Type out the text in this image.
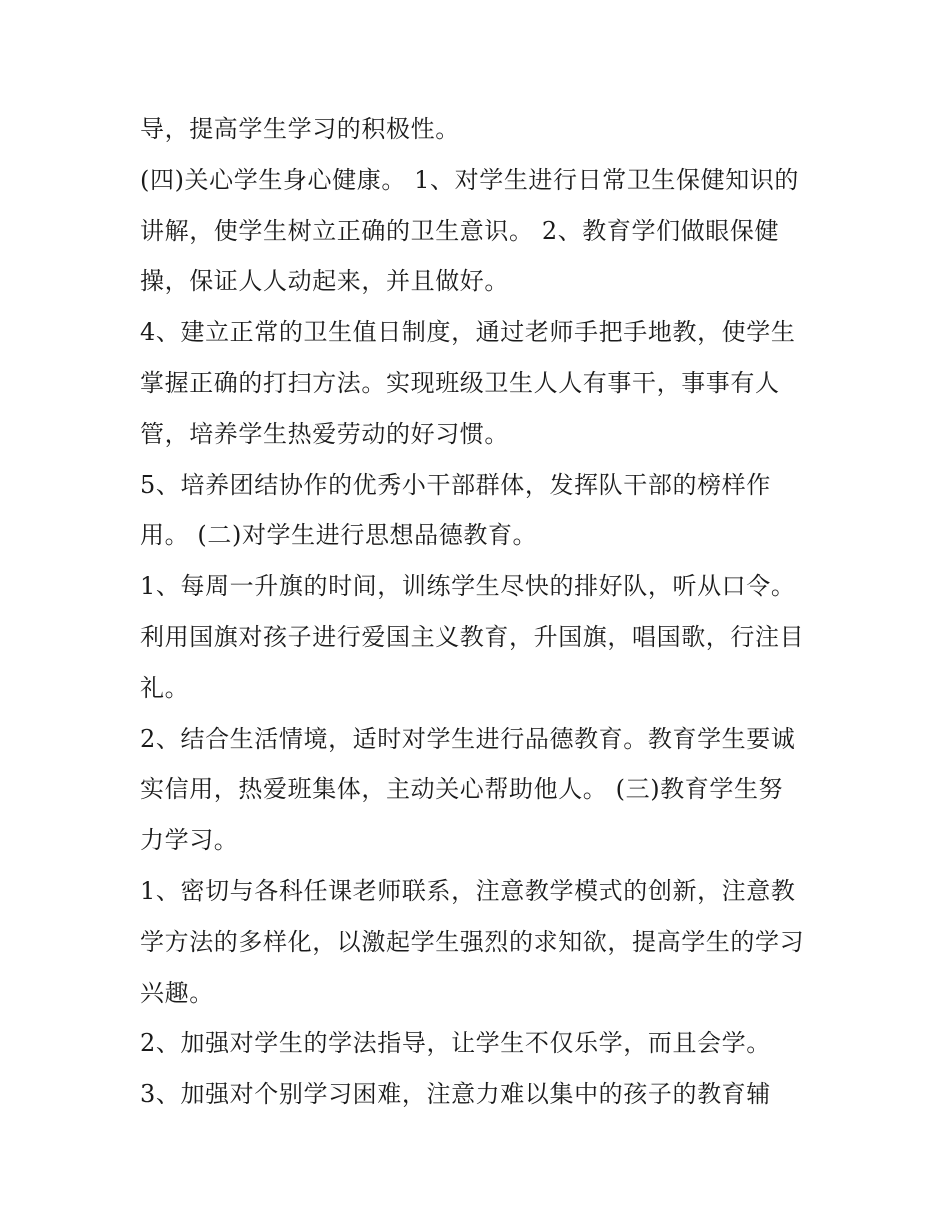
导，提高学生学习的积极性。
(四)关心学生身心健康。 1、对学生进行日常卫生保健知识的
讲解，使学生树立正确的卫生意识。 2、教育学们做眼保健
操，保证人人动起来，并且做好。
4、建立正常的卫生值日制度，通过老师手把手地教，使学生
掌握正确的打扫方法。实现班级卫生人人有事干，事事有人
管，培养学生热爱劳动的好习惯。
5、培养团结协作的优秀小干部群体，发挥队干部的榜样作
用。 (二)对学生进行思想品德教育。
1、每周一升旗的时间，训练学生尽快的排好队，听从口令。
利用国旗对孩子进行爱国主义教育，升国旗，唱国歌，行注目
礼。
2、结合生活情境，适时对学生进行品德教育。教育学生要诚
实信用，热爱班集体，主动关心帮助他人。 (三)教育学生努
力学习。
1、密切与各科任课老师联系，注意教学模式的创新，注意教
学方法的多样化，以激起学生强烈的求知欲，提高学生的学习
兴趣。
2、加强对学生的学法指导，让学生不仅乐学，而且会学。
3、加强对个别学习困难，注意力难以集中的孩子的教育辅
